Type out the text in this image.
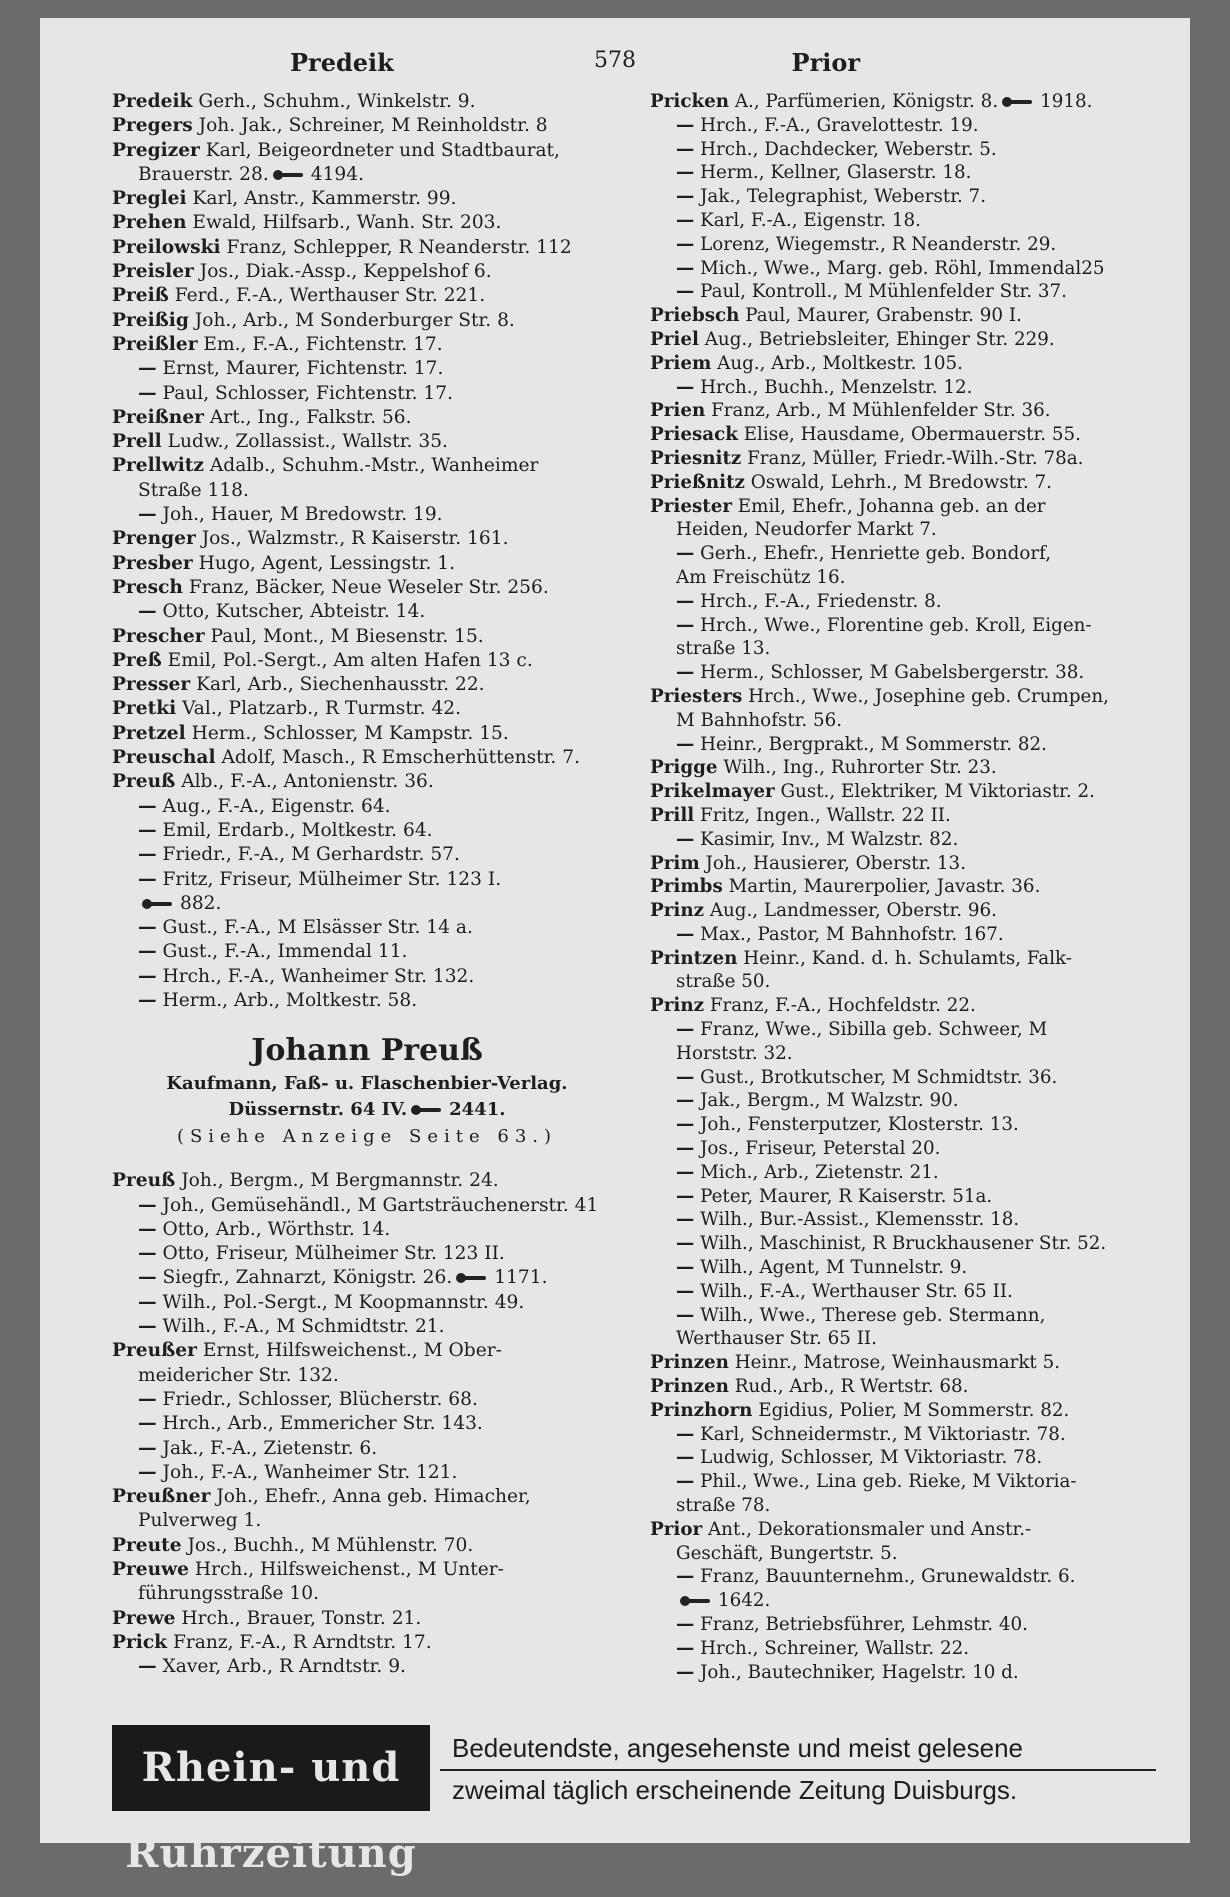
Predeik	578	Prior
Predeik Gerh., Schuhm., Winkelstr. 9.
Pregers Joh. Jak., Schreiner, M Reinholdstr. 8
Pregizer Karl, Beigeordneter und Stadtbaurat,
Brauerstr. 28. 4194.
Preglei Karl, Anstr., Kammerstr. 99.
Prehen Ewald, Hilfsarb., Wanh. Str. 203.
Preilowski Franz, Schlepper, R Neanderstr. 112
Preisler Jos., Diak.-Assp., Keppelshof 6.
Preiß Ferd., F.-A., Werthauser Str. 221.
Preißig Joh., Arb., M Sonderburger Str. 8.
Preißler Em., F.-A., Fichtenstr. 17.
— Ernst, Maurer, Fichtenstr. 17.
— Paul, Schlosser, Fichtenstr. 17.
Preißner Art., Ing., Falkstr. 56.
Prell Ludw., Zollassist., Wallstr. 35.
Prellwitz Adalb., Schuhm.-Mstr., Wanheimer
Straße 118.
— Joh., Hauer, M Bredowstr. 19.
Prenger Jos., Walzmstr., R Kaiserstr. 161.
Presber Hugo, Agent, Lessingstr. 1.
Presch Franz, Bäcker, Neue Weseler Str. 256.
— Otto, Kutscher, Abteistr. 14.
Prescher Paul, Mont., M Biesenstr. 15.
Preß Emil, Pol.-Sergt., Am alten Hafen 13 c.
Presser Karl, Arb., Siechenhausstr. 22.
Pretki Val., Platzarb., R Turmstr. 42.
Pretzel Herm., Schlosser, M Kampstr. 15.
Preuschal Adolf, Masch., R Emscherhüttenstr. 7.
Preuß Alb., F.-A., Antonienstr. 36.
— Aug., F.-A., Eigenstr. 64.
— Emil, Erdarb., Moltkestr. 64.
— Friedr., F.-A., M Gerhardstr. 57.
— Fritz, Friseur, Mülheimer Str. 123 I.
882.
— Gust., F.-A., M Elsässer Str. 14 a.
— Gust., F.-A., Immendal 11.
— Hrch., F.-A., Wanheimer Str. 132.
— Herm., Arb., Moltkestr. 58.
Johann Preuß
Kaufmann, Faß- u. Flaschenbier-Verlag.
Düssernstr. 64 IV. 2441.
(Siehe Anzeige Seite 63.)
Preuß Joh., Bergm., M Bergmannstr. 24.
— Joh., Gemüsehändl., M Gartsträuchenerstr. 41
— Otto, Arb., Wörthstr. 14.
— Otto, Friseur, Mülheimer Str. 123 II.
— Siegfr., Zahnarzt, Königstr. 26. 1171.
— Wilh., Pol.-Sergt., M Koopmannstr. 49.
— Wilh., F.-A., M Schmidtstr. 21.
Preußer Ernst, Hilfsweichenst., M Ober-
meidericher Str. 132.
— Friedr., Schlosser, Blücherstr. 68.
— Hrch., Arb., Emmericher Str. 143.
— Jak., F.-A., Zietenstr. 6.
— Joh., F.-A., Wanheimer Str. 121.
Preußner Joh., Ehefr., Anna geb. Himacher,
Pulverweg 1.
Preute Jos., Buchh., M Mühlenstr. 70.
Preuwe Hrch., Hilfsweichenst., M Unter-
führungsstraße 10.
Prewe Hrch., Brauer, Tonstr. 21.
Prick Franz, F.-A., R Arndtstr. 17.
— Xaver, Arb., R Arndtstr. 9.
Pricken A., Parfümerien, Königstr. 8. 1918.
— Hrch., F.-A., Gravelottestr. 19.
— Hrch., Dachdecker, Weberstr. 5.
— Herm., Kellner, Glaserstr. 18.
— Jak., Telegraphist, Weberstr. 7.
— Karl, F.-A., Eigenstr. 18.
— Lorenz, Wiegemstr., R Neanderstr. 29.
— Mich., Wwe., Marg. geb. Röhl, Immendal25
— Paul, Kontroll., M Mühlenfelder Str. 37.
Priebsch Paul, Maurer, Grabenstr. 90 I.
Priel Aug., Betriebsleiter, Ehinger Str. 229.
Priem Aug., Arb., Moltkestr. 105.
— Hrch., Buchh., Menzelstr. 12.
Prien Franz, Arb., M Mühlenfelder Str. 36.
Priesack Elise, Hausdame, Obermauerstr. 55.
Priesnitz Franz, Müller, Friedr.-Wilh.-Str. 78a.
Prießnitz Oswald, Lehrh., M Bredowstr. 7.
Priester Emil, Ehefr., Johanna geb. an der
Heiden, Neudorfer Markt 7.
— Gerh., Ehefr., Henriette geb. Bondorf,
Am Freischütz 16.
— Hrch., F.-A., Friedenstr. 8.
— Hrch., Wwe., Florentine geb. Kroll, Eigen-
straße 13.
— Herm., Schlosser, M Gabelsbergerstr. 38.
Priesters Hrch., Wwe., Josephine geb. Crumpen,
M Bahnhofstr. 56.
— Heinr., Bergprakt., M Sommerstr. 82.
Prigge Wilh., Ing., Ruhrorter Str. 23.
Prikelmayer Gust., Elektriker, M Viktoriastr. 2.
Prill Fritz, Ingen., Wallstr. 22 II.
— Kasimir, Inv., M Walzstr. 82.
Prim Joh., Hausierer, Oberstr. 13.
Primbs Martin, Maurerpolier, Javastr. 36.
Prinz Aug., Landmesser, Oberstr. 96.
— Max., Pastor, M Bahnhofstr. 167.
Printzen Heinr., Kand. d. h. Schulamts, Falk-
straße 50.
Prinz Franz, F.-A., Hochfeldstr. 22.
— Franz, Wwe., Sibilla geb. Schweer, M
Horststr. 32.
— Gust., Brotkutscher, M Schmidtstr. 36.
— Jak., Bergm., M Walzstr. 90.
— Joh., Fensterputzer, Klosterstr. 13.
— Jos., Friseur, Peterstal 20.
— Mich., Arb., Zietenstr. 21.
— Peter, Maurer, R Kaiserstr. 51a.
— Wilh., Bur.-Assist., Klemensstr. 18.
— Wilh., Maschinist, R Bruckhausener Str. 52.
— Wilh., Agent, M Tunnelstr. 9.
— Wilh., F.-A., Werthauser Str. 65 II.
— Wilh., Wwe., Therese geb. Stermann,
Werthauser Str. 65 II.
Prinzen Heinr., Matrose, Weinhausmarkt 5.
Prinzen Rud., Arb., R Wertstr. 68.
Prinzhorn Egidius, Polier, M Sommerstr. 82.
— Karl, Schneidermstr., M Viktoriastr. 78.
— Ludwig, Schlosser, M Viktoriastr. 78.
— Phil., Wwe., Lina geb. Rieke, M Viktoria-
straße 78.
Prior Ant., Dekorationsmaler und Anstr.-
Geschäft, Bungertstr. 5.
— Franz, Bauunternehm., Grunewaldstr. 6.
1642.
— Franz, Betriebsführer, Lehmstr. 40.
— Hrch., Schreiner, Wallstr. 22.
— Joh., Bautechniker, Hagelstr. 10 d.
Rhein- und Ruhrzeitung
Bedeutendste, angesehenste und meist gelesene
zweimal täglich erscheinende Zeitung Duisburgs.
